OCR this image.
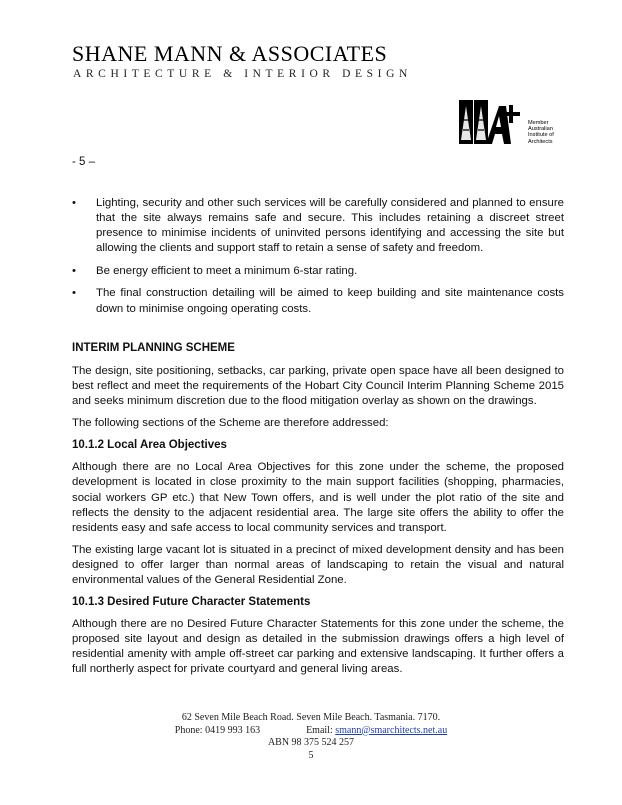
SHANE MANN & ASSOCIATES
ARCHITECTURE & INTERIOR DESIGN
Member
Australian
Institute of
Architects
- 5 –
• Lighting, security and other such services will be carefully considered and planned to ensure that the site always remains safe and secure. This includes retaining a discreet street presence to minimise incidents of uninvited persons identifying and accessing the site but allowing the clients and support staff to retain a sense of safety and freedom.
• Be energy efficient to meet a minimum 6-star rating.
• The final construction detailing will be aimed to keep building and site maintenance costs down to minimise ongoing operating costs.
INTERIM PLANNING SCHEME
The design, site positioning, setbacks, car parking, private open space have all been designed to best reflect and meet the requirements of the Hobart City Council Interim Planning Scheme 2015 and seeks minimum discretion due to the flood mitigation overlay as shown on the drawings.
The following sections of the Scheme are therefore addressed:
10.1.2 Local Area Objectives
Although there are no Local Area Objectives for this zone under the scheme, the proposed development is located in close proximity to the main support facilities (shopping, pharmacies, social workers GP etc.) that New Town offers, and is well under the plot ratio of the site and reflects the density to the adjacent residential area. The large site offers the ability to offer the residents easy and safe access to local community services and transport.
The existing large vacant lot is situated in a precinct of mixed development density and has been designed to offer larger than normal areas of landscaping to retain the visual and natural environmental values of the General Residential Zone.
10.1.3 Desired Future Character Statements
Although there are no Desired Future Character Statements for this zone under the scheme, the proposed site layout and design as detailed in the submission drawings offers a high level of residential amenity with ample off-street car parking and extensive landscaping. It further offers a full northerly aspect for private courtyard and general living areas.
62 Seven Mile Beach Road. Seven Mile Beach. Tasmania. 7170.
Phone: 0419 993 163	Email: smann@smarchitects.net.au
ABN 98 375 524 257
5
